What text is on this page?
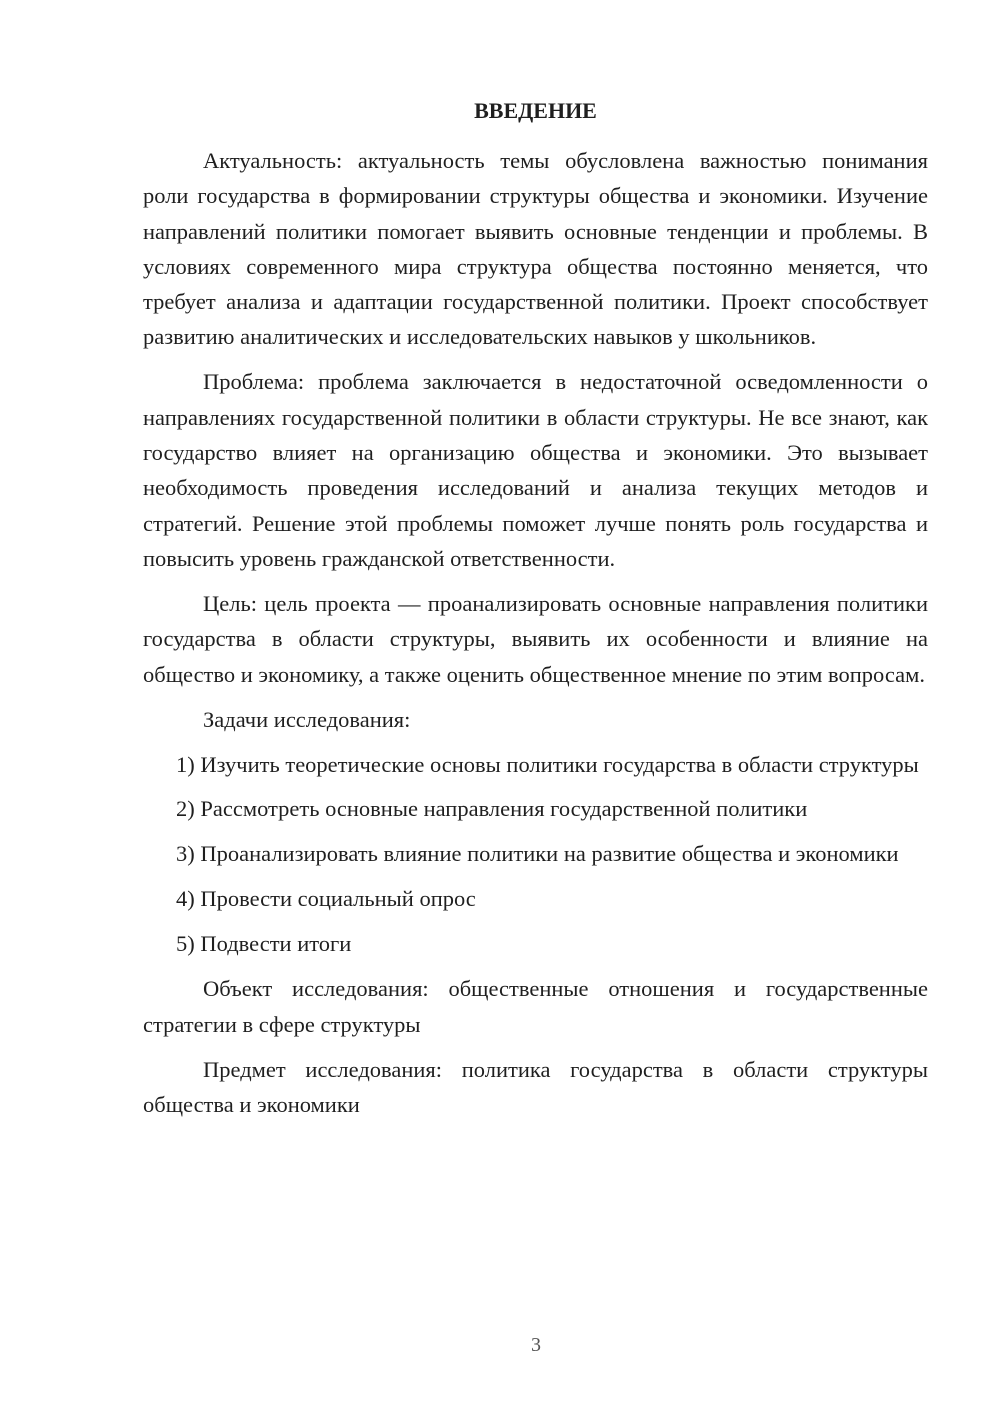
ВВЕДЕНИЕ

Актуальность: актуальность темы обусловлена важностью понимания роли государства в формировании структуры общества и экономики. Изучение направлений политики помогает выявить основные тенденции и проблемы. В условиях современного мира структура общества постоянно меняется, что требует анализа и адаптации государственной политики. Проект способствует развитию аналитических и исследовательских навыков у школьников.

Проблема: проблема заключается в недостаточной осведомленности о направлениях государственной политики в области структуры. Не все знают, как государство влияет на организацию общества и экономики. Это вызывает необходимость проведения исследований и анализа текущих методов и стратегий. Решение этой проблемы поможет лучше понять роль государства и повысить уровень гражданской ответственности.

Цель: цель проекта — проанализировать основные направления политики государства в области структуры, выявить их особенности и влияние на общество и экономику, а также оценить общественное мнение по этим вопросам.

Задачи исследования:

1) Изучить теоретические основы политики государства в области структуры

2) Рассмотреть основные направления государственной политики

3) Проанализировать влияние политики на развитие общества и экономики

4) Провести социальный опрос

5) Подвести итоги

Объект исследования: общественные отношения и государственные стратегии в сфере структуры

Предмет исследования: политика государства в области структуры общества и экономики

3
